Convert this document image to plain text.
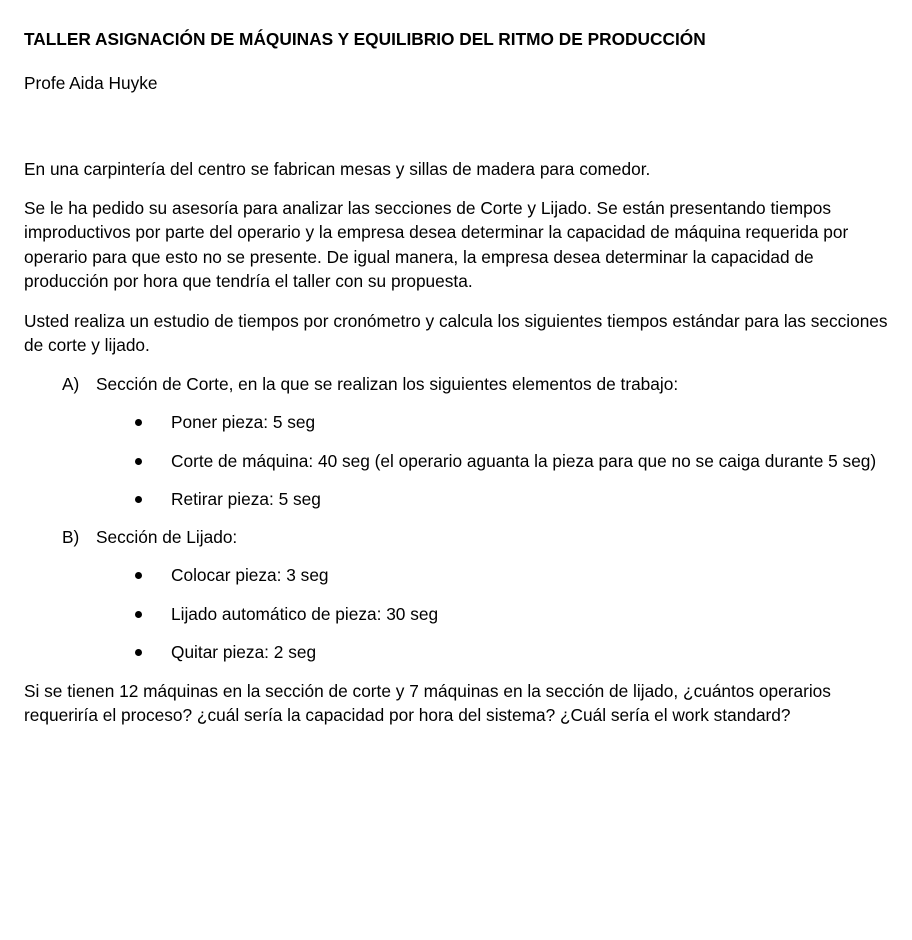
TALLER ASIGNACIÓN DE MÁQUINAS Y EQUILIBRIO DEL RITMO DE PRODUCCIÓN
Profe Aida Huyke

En una carpintería del centro se fabrican mesas y sillas de madera para comedor.

Se le ha pedido su asesoría para analizar las secciones de Corte y Lijado. Se están presentando tiempos improductivos por parte del operario y la empresa desea determinar la capacidad de máquina requerida por operario para que esto no se presente. De igual manera, la empresa desea determinar la capacidad de producción por hora que tendría el taller con su propuesta.

Usted realiza un estudio de tiempos por cronómetro y calcula los siguientes tiempos estándar para las secciones de corte y lijado.

A) Sección de Corte, en la que se realizan los siguientes elementos de trabajo:
Poner pieza: 5 seg
Corte de máquina: 40 seg (el operario aguanta la pieza para que no se caiga durante 5 seg)
Retirar pieza: 5 seg
B) Sección de Lijado:
Colocar pieza: 3 seg
Lijado automático de pieza: 30 seg
Quitar pieza: 2 seg

Si se tienen 12 máquinas en la sección de corte y 7 máquinas en la sección de lijado, ¿cuántos operarios requeriría el proceso? ¿cuál sería la capacidad por hora del sistema? ¿Cuál sería el work standard?
